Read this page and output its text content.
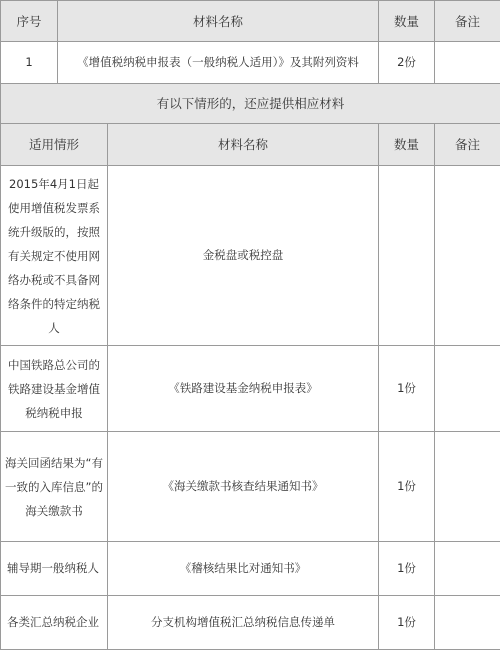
序号	材料名称		数量	备注
1	《增值税纳税申报表（一般纳税人适用）》及其附列资料		2份	
有以下情形的，还应提供相应材料				
适用情形		材料名称	数量	备注
2015年4月1日起使用增值税发票系统升级版的，按照有关规定不使用网络办税或不具备网络条件的特定纳税人		金税盘或税控盘		
中国铁路总公司的铁路建设基金增值税纳税申报		《铁路建设基金纳税申报表》	1份	
海关回函结果为“有一致的入库信息”的海关缴款书		《海关缴款书核查结果通知书》	1份	
辅导期一般纳税人		《稽核结果比对通知书》	1份	
各类汇总纳税企业		分支机构增值税汇总纳税信息传递单	1份	
